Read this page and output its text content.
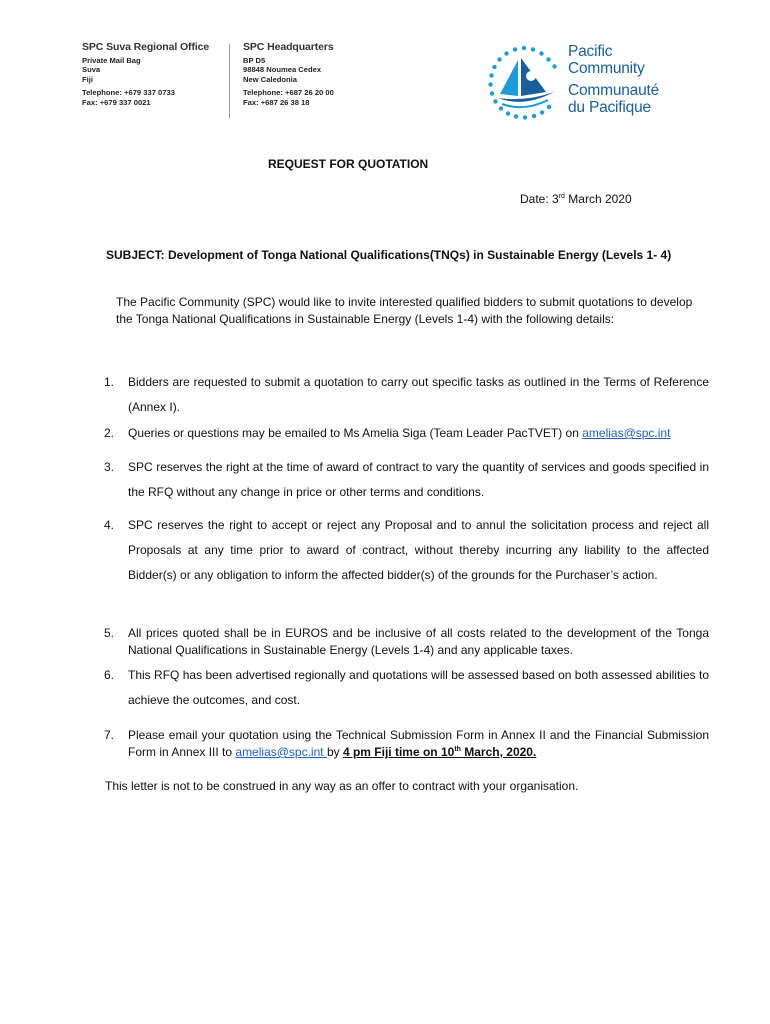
SPC Suva Regional Office
Private Mail Bag
Suva
Fiji
Telephone: +679 337 0733
Fax: +679 337 0021
SPC Headquarters
BP D5
98848 Noumea Cedex
New Caledonia
Telephone: +687 26 20 00
Fax: +687 26 38 18
Pacific
Community
Communauté
du Pacifique
REQUEST FOR QUOTATION
Date: 3rd March 2020
SUBJECT: Development of Tonga National Qualifications(TNQs) in Sustainable Energy (Levels 1- 4)
The Pacific Community (SPC) would like to invite interested qualified bidders to submit quotations to develop the Tonga National Qualifications in Sustainable Energy (Levels 1-4) with the following details:
1. Bidders are requested to submit a quotation to carry out specific tasks as outlined in the Terms of Reference (Annex I).
2. Queries or questions may be emailed to Ms Amelia Siga (Team Leader PacTVET) on amelias@spc.int
3. SPC reserves the right at the time of award of contract to vary the quantity of services and goods specified in the RFQ without any change in price or other terms and conditions.
4. SPC reserves the right to accept or reject any Proposal and to annul the solicitation process and reject all Proposals at any time prior to award of contract, without thereby incurring any liability to the affected Bidder(s) or any obligation to inform the affected bidder(s) of the grounds for the Purchaser’s action.
5. All prices quoted shall be in EUROS and be inclusive of all costs related to the development of the Tonga National Qualifications in Sustainable Energy (Levels 1-4) and any applicable taxes.
6. This RFQ has been advertised regionally and quotations will be assessed based on both assessed abilities to achieve the outcomes, and cost.
7. Please email your quotation using the Technical Submission Form in Annex II and the Financial Submission Form in Annex III to amelias@spc.int by 4 pm Fiji time on 10th March, 2020.
This letter is not to be construed in any way as an offer to contract with your organisation.
